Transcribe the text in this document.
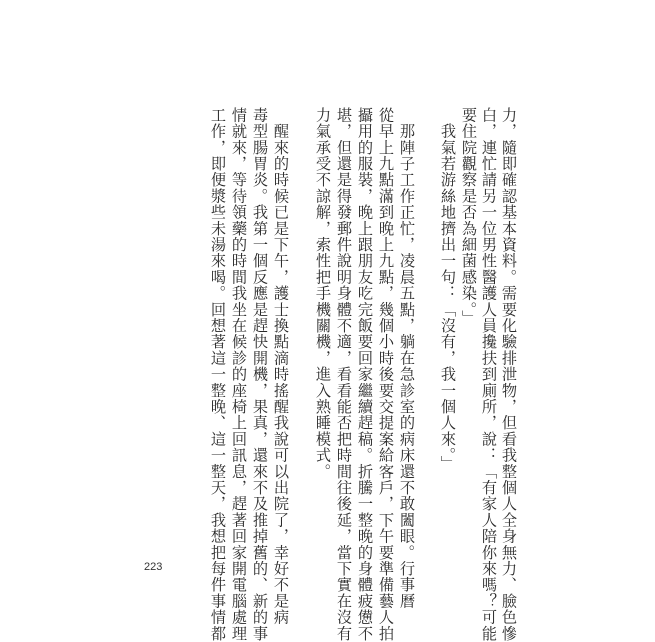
力，隨即確認基本資料。需要化驗排泄物，但看我整個人全身無力、臉色慘
白，連忙請另一位男性醫護人員攙扶到廁所，說：「有家人陪你來嗎？可能
要住院觀察是否為細菌感染。」
　我氣若游絲地擠出一句：「沒有，我一個人來。」
　那陣子工作正忙，凌晨五點，躺在急診室的病床還不敢闔眼。行事曆
從早上九點滿到晚上九點，幾個小時後要交提案給客戶，下午要準備藝人拍
攝用的服裝，晚上跟朋友吃完飯要回家繼續趕稿。折騰一整晚的身體疲憊不
堪，但還是得發郵件說明身體不適，看看能否把時間往後延，當下實在沒有
力氣承受不諒解，索性把手機關機，進入熟睡模式。
　醒來的時候已是下午，護士換點滴時搖醒我說可以出院了，幸好不是病
毒型腸胃炎。我第一個反應是趕快開機，果真，還來不及推掉舊的、新的事
情就來，等待領藥的時間我坐在候診的座椅上回訊息，趕著回家開電腦處理
工作，即便漿些未湯來喝。回想著這一整晚、這一整天，我想把每件事情都
223
